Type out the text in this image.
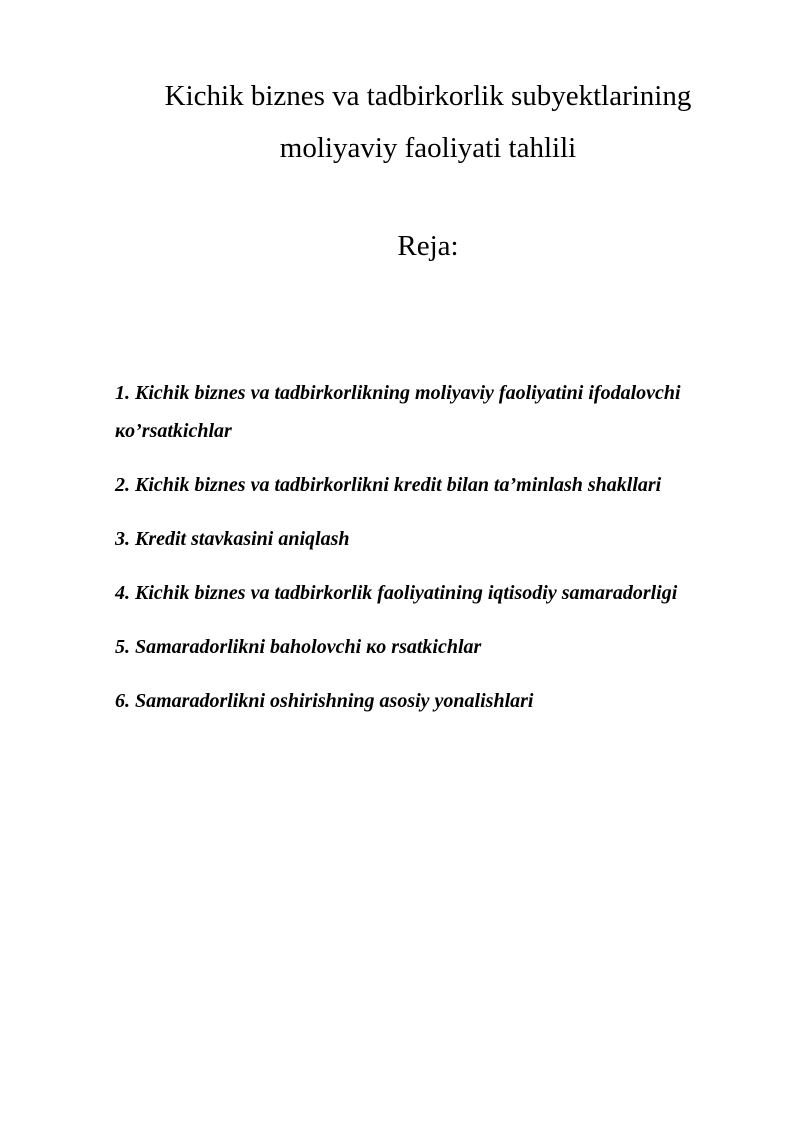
Kichik biznes va tadbirkorlik subyektlarining
moliyaviy faoliyati tahlili
Reja:
1. Kichik biznes va tadbirkorlikning moliyaviy faoliyatini ifodalovchi кo’rsatkichlar
2. Kichik biznes va tadbirkorlikni kredit bilan ta’minlash shakllari
3. Kredit stavkasini aniqlash
4. Kichik biznes va tadbirkorlik faoliyatining iqtisodiy samaradorligi
5. Samaradorlikni baholovchi кo rsatkichlar
6. Samaradorlikni oshirishning asosiy yonalishlari
